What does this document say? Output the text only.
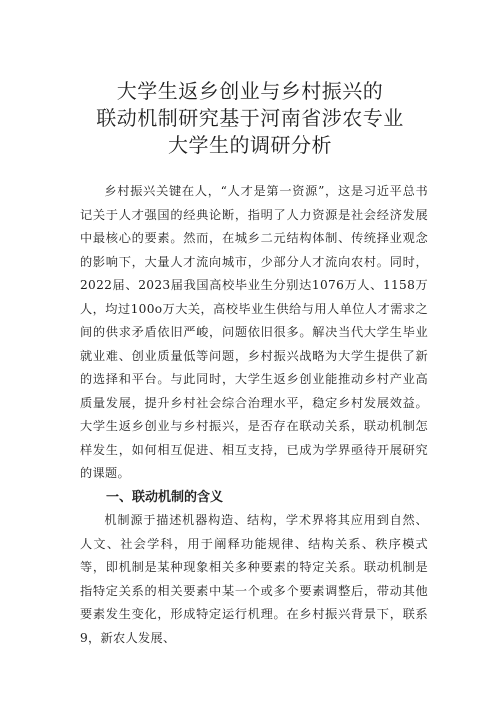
大学生返乡创业与乡村振兴的
联动机制研究基于河南省涉农专业
大学生的调研分析

乡村振兴关键在人，“人才是第一资源”，这是习近平总书记关于人才强国的经典论断，指明了人力资源是社会经济发展中最核心的要素。然而，在城乡二元结构体制、传统择业观念的影响下，大量人才流向城市，少部分人才流向农村。同时，2022届、2023届我国高校毕业生分别达1076万人、1158万人，均过100o万大关，高校毕业生供给与用人单位人才需求之间的供求矛盾依旧严峻，问题依旧很多。解决当代大学生毕业就业难、创业质量低等问题，乡村振兴战略为大学生提供了新的选择和平台。与此同时，大学生返乡创业能推动乡村产业高质量发展，提升乡村社会综合治理水平，稳定乡村发展效益。大学生返乡创业与乡村振兴，是否存在联动关系，联动机制怎样发生，如何相互促进、相互支持，已成为学界亟待开展研究的课题。

一、联动机制的含义

机制源于描述机器构造、结构，学术界将其应用到自然、人文、社会学科，用于阐释功能规律、结构关系、秩序模式等，即机制是某种现象相关多种要素的特定关系。联动机制是指特定关系的相关要素中某一个或多个要素调整后，带动其他要素发生变化，形成特定运行机理。在乡村振兴背景下，联系9，新农人发展、
